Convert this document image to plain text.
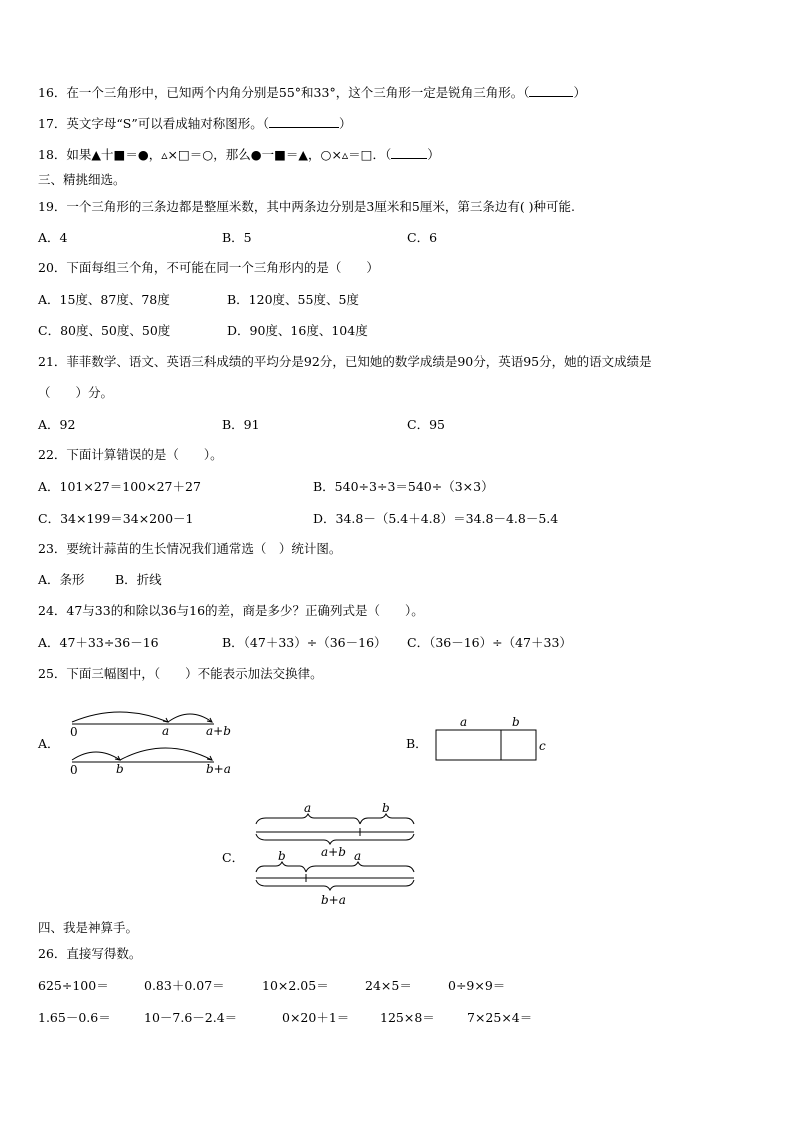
16．在一个三角形中，已知两个内角分别是55°和33°，这个三角形一定是锐角三角形。（	）
17．英文字母“S”可以看成轴对称图形。（	）
18．如果▲十■＝●，▵×□＝○，那么●一■＝▲，○×▵＝□．（	）
三、精挑细选。
19．一个三角形的三条边都是整厘米数，其中两条边分别是3厘米和5厘米，第三条边有( )种可能.
A．4	B．5	C．6
20．下面每组三个角，不可能在同一个三角形内的是（　　）
A．15度、87度、78度	B．120度、55度、5度
C．80度、50度、50度	D．90度、16度、104度
21．菲菲数学、语文、英语三科成绩的平均分是92分，已知她的数学成绩是90分，英语95分，她的语文成绩是
（　　）分。
A．92	B．91	C．95
22．下面计算错误的是（　　）。
A．101×27＝100×27＋27	B．540÷3÷3＝540÷（3×3）
C．34×199＝34×200－1	D．34.8－（5.4＋4.8）＝34.8－4.8－5.4
23．要统计蒜苗的生长情况我们通常选（　）统计图。
A．条形 B．折线
24．47与33的和除以36与16的差，商是多少？正确列式是（　　）。
A．47＋33÷36－16	B．（47＋33）÷（36－16） C．（36－16）÷（47＋33）
25．下面三幅图中，（　　）不能表示加法交换律。
A．
0	a	a+b
0	b	b+a
B．
a	b
c
C．
a	b
a+b
b	a
b+a
四、我是神算手。
26．直接写得数。
625÷100＝	0.83＋0.07＝	10×2.05＝	24×5＝	0÷9×9＝
1.65－0.6＝	10－7.6－2.4＝	0×20＋1＝ 125×8＝	7×25×4＝
